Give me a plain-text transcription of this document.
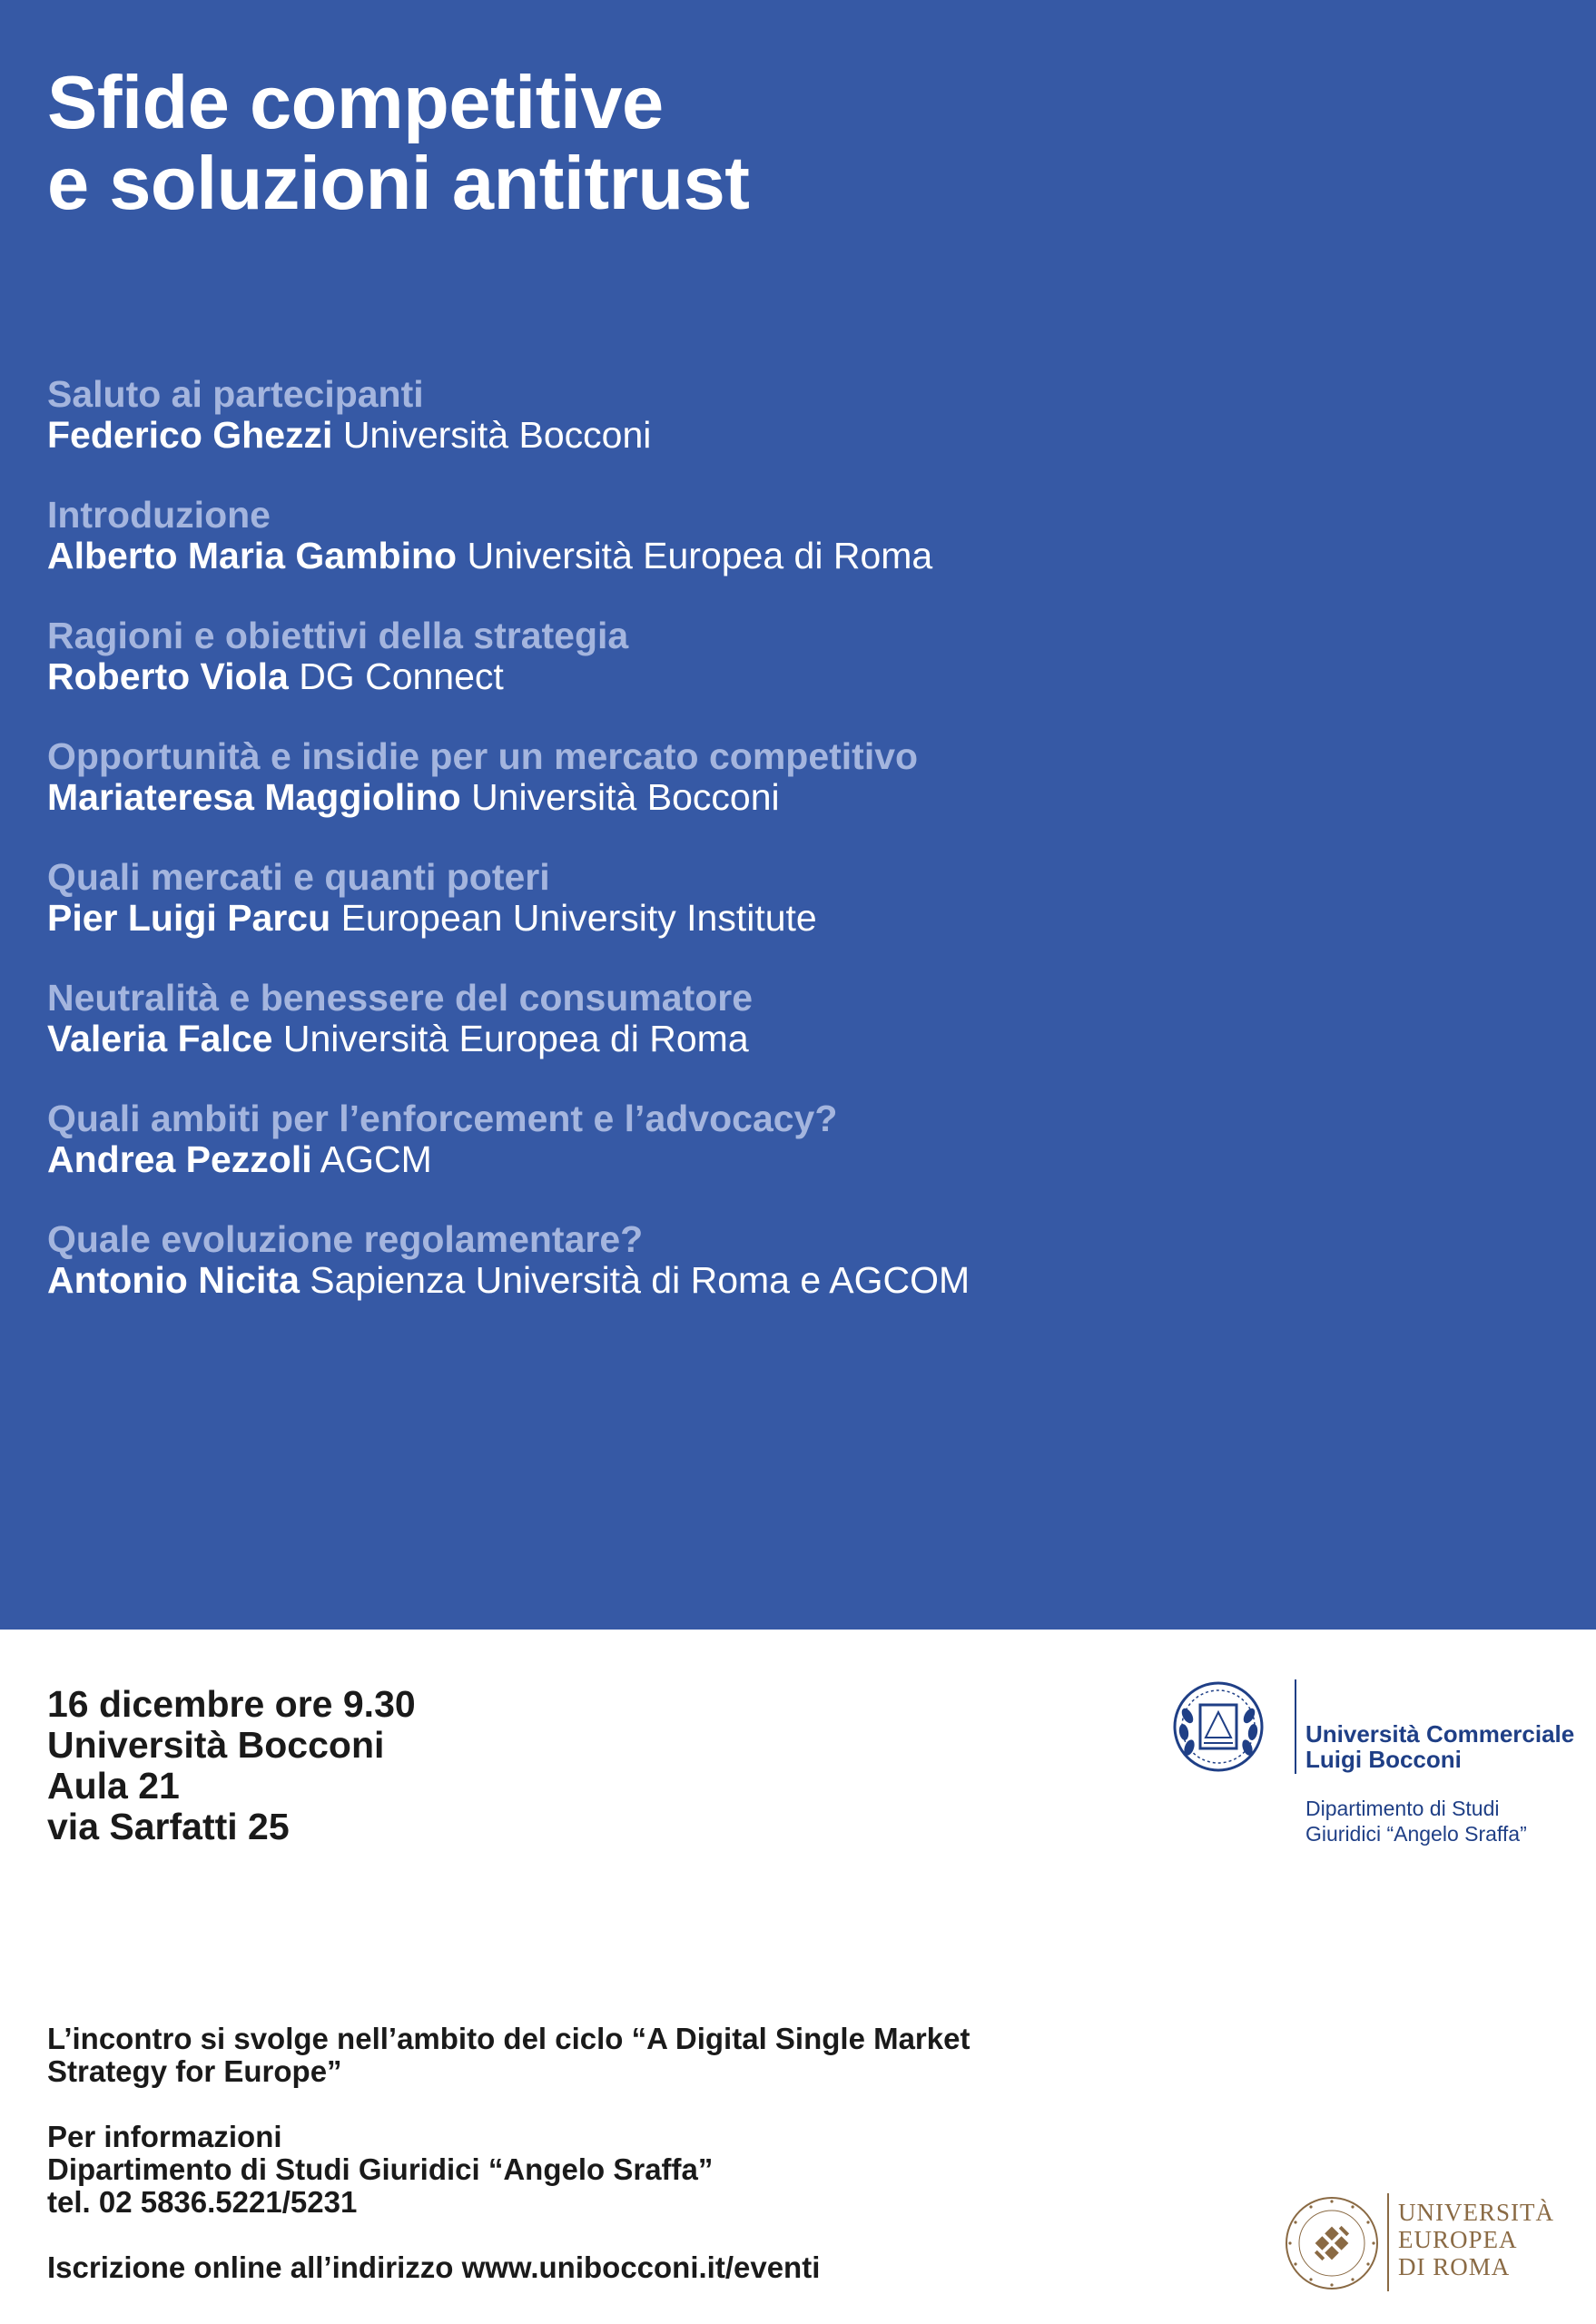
Sfide competitive
e soluzioni antitrust
Saluto ai partecipanti
Federico Ghezzi Università Bocconi
Introduzione
Alberto Maria Gambino Università Europea di Roma
Ragioni e obiettivi della strategia
Roberto Viola DG Connect
Opportunità e insidie per un mercato competitivo
Mariateresa Maggiolino Università Bocconi
Quali mercati e quanti poteri
Pier Luigi Parcu European University Institute
Neutralità e benessere del consumatore
Valeria Falce Università Europea di Roma
Quali ambiti per l’enforcement e l’advocacy?
Andrea Pezzoli AGCM
Quale evoluzione regolamentare?
Antonio Nicita Sapienza Università di Roma e AGCOM
16 dicembre ore 9.30
Università Bocconi
Aula 21
via Sarfatti 25
Università Commerciale
Luigi Bocconi
Dipartimento di Studi
Giuridici “Angelo Sraffa”
L’incontro si svolge nell’ambito del ciclo “A Digital Single Market
Strategy for Europe”
Per informazioni
Dipartimento di Studi Giuridici “Angelo Sraffa”
tel. 02 5836.5221/5231
Iscrizione online all’indirizzo www.unibocconi.it/eventi
UNIVERSITÀ
EUROPEA
DI ROMA
